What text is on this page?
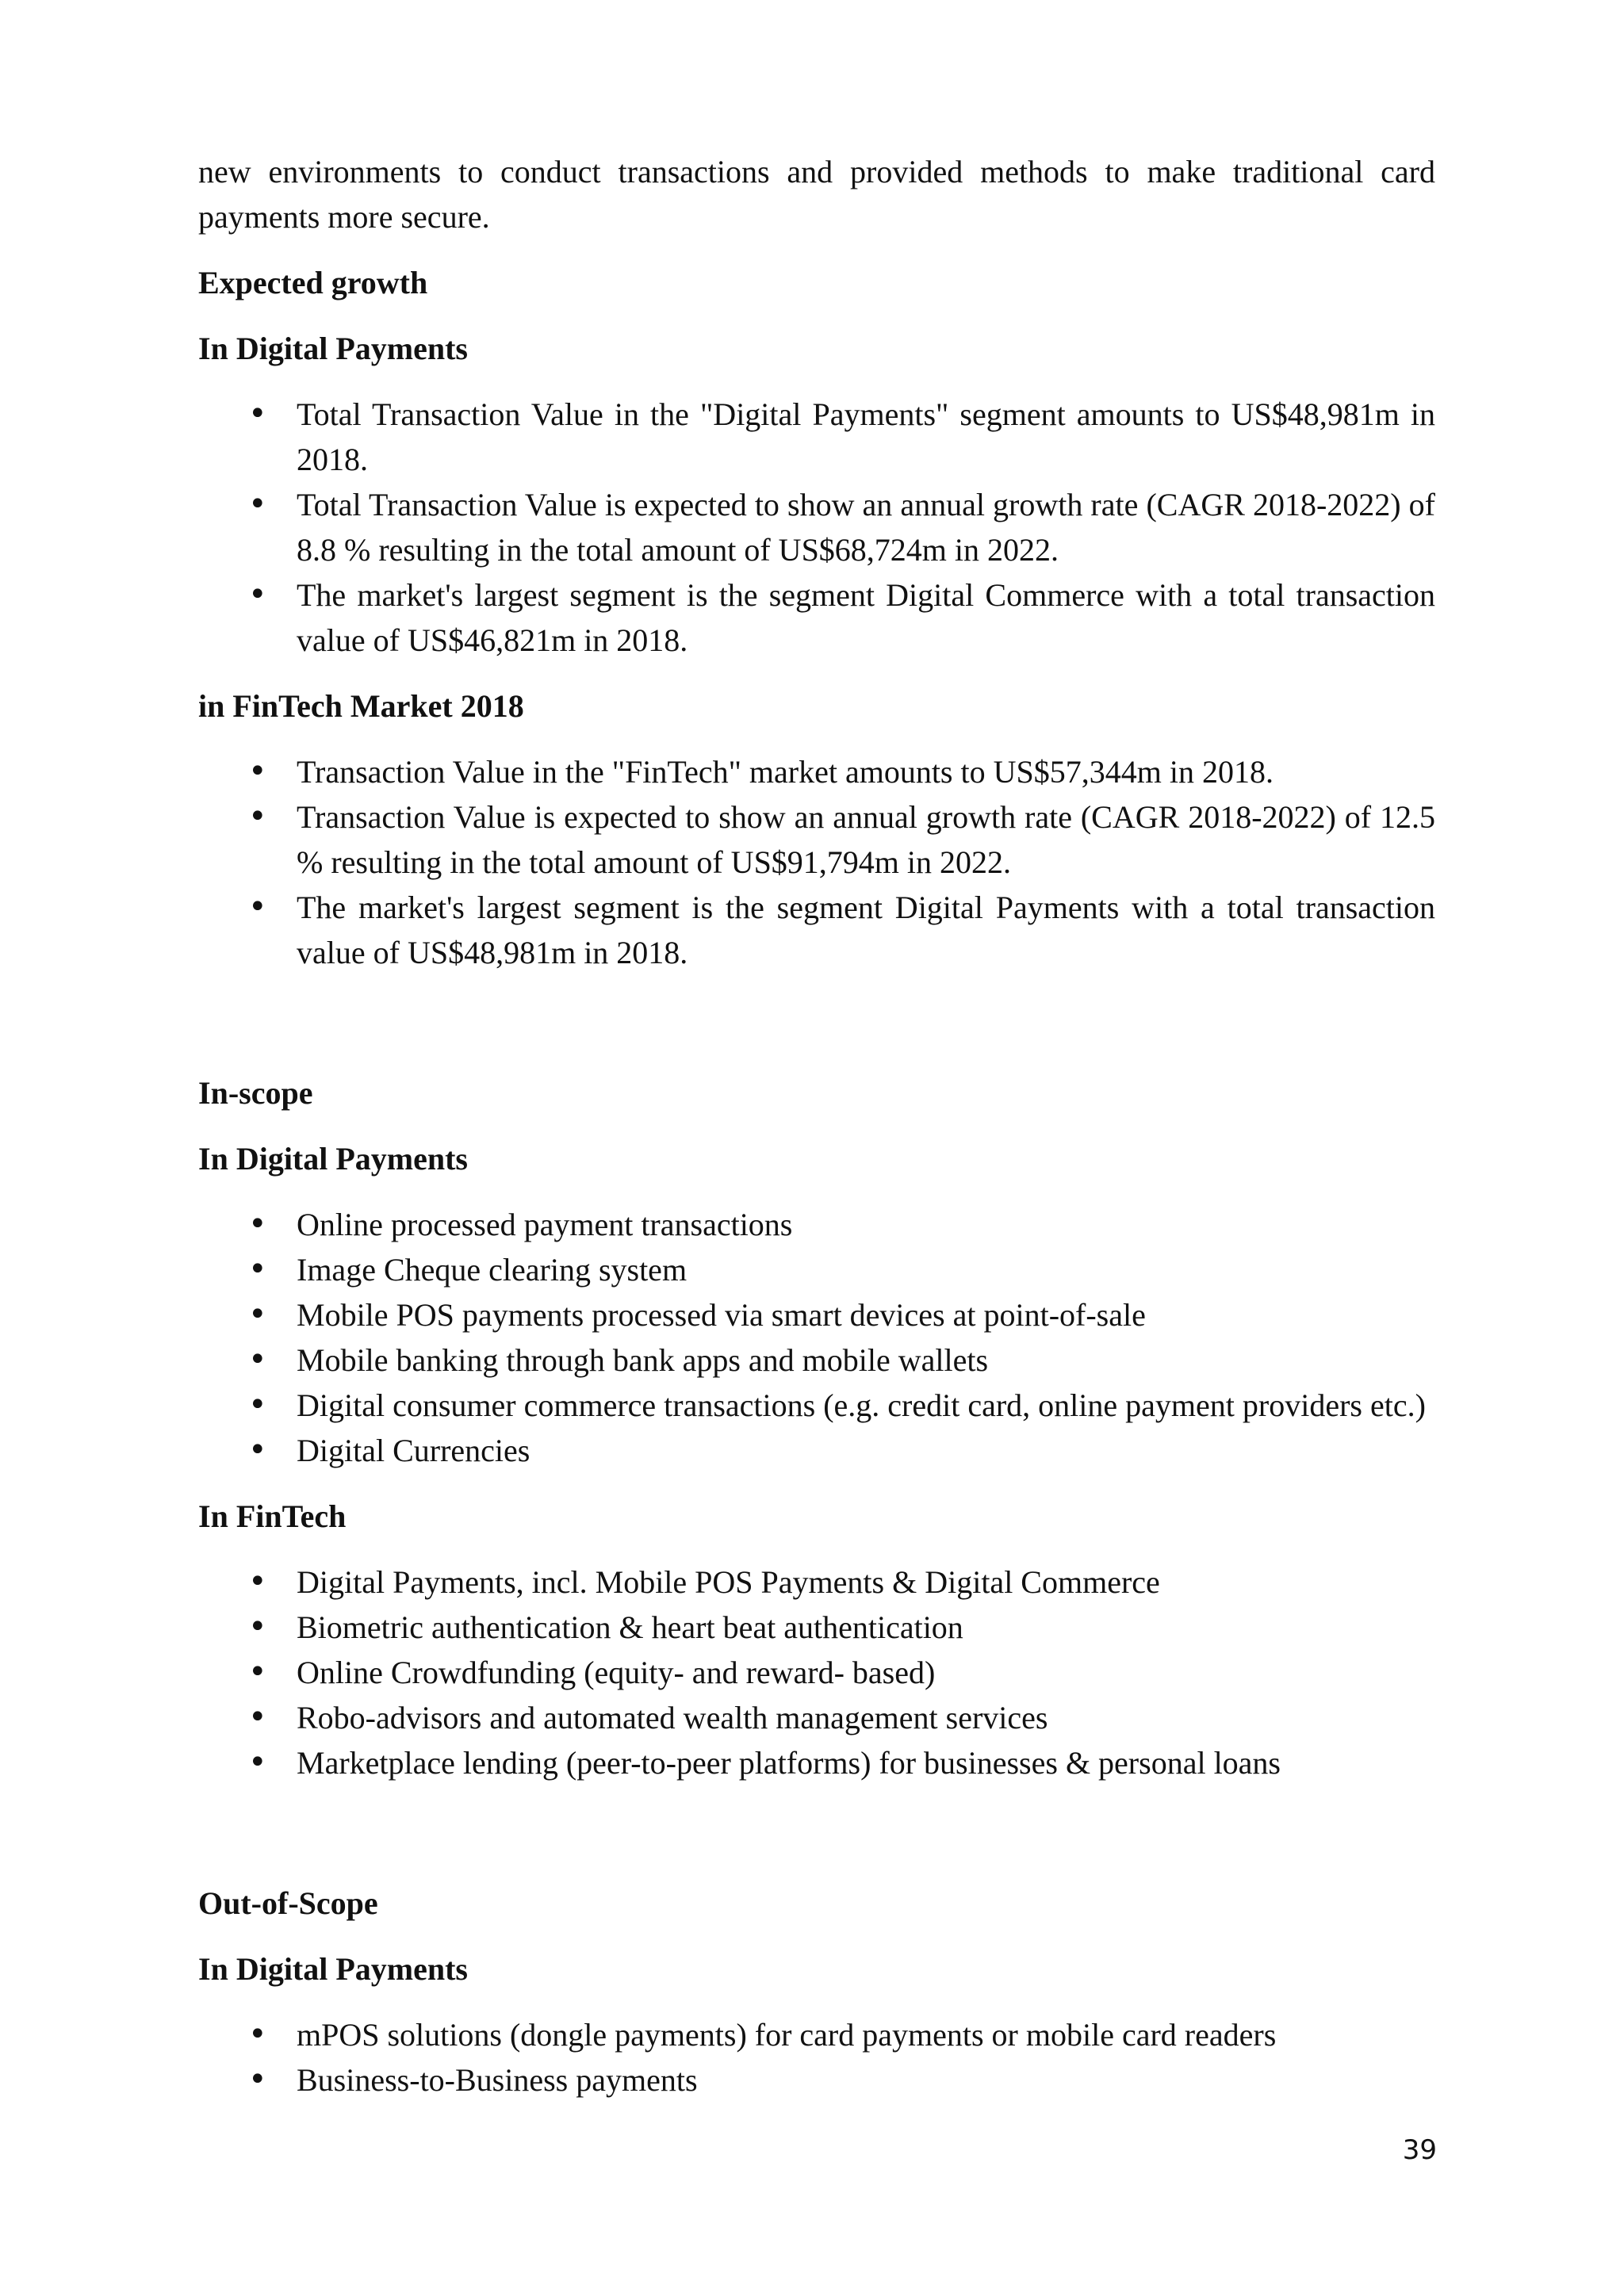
new environments to conduct transactions and provided methods to make traditional card payments more secure.

Expected growth

In Digital Payments

• Total Transaction Value in the "Digital Payments" segment amounts to US$48,981m in 2018.
• Total Transaction Value is expected to show an annual growth rate (CAGR 2018-2022) of 8.8 % resulting in the total amount of US$68,724m in 2022.
• The market's largest segment is the segment Digital Commerce with a total transaction value of US$46,821m in 2018.

in FinTech Market 2018

• Transaction Value in the "FinTech" market amounts to US$57,344m in 2018.
• Transaction Value is expected to show an annual growth rate (CAGR 2018-2022) of 12.5 % resulting in the total amount of US$91,794m in 2022.
• The market's largest segment is the segment Digital Payments with a total transaction value of US$48,981m in 2018.

In-scope

In Digital Payments

• Online processed payment transactions
• Image Cheque clearing system
• Mobile POS payments processed via smart devices at point-of-sale
• Mobile banking through bank apps and mobile wallets
• Digital consumer commerce transactions (e.g. credit card, online payment providers etc.)
• Digital Currencies

In FinTech

• Digital Payments, incl. Mobile POS Payments & Digital Commerce
• Biometric authentication & heart beat authentication
• Online Crowdfunding (equity- and reward- based)
• Robo-advisors and automated wealth management services
• Marketplace lending (peer-to-peer platforms) for businesses & personal loans

Out-of-Scope

In Digital Payments

• mPOS solutions (dongle payments) for card payments or mobile card readers
• Business-to-Business payments
39
